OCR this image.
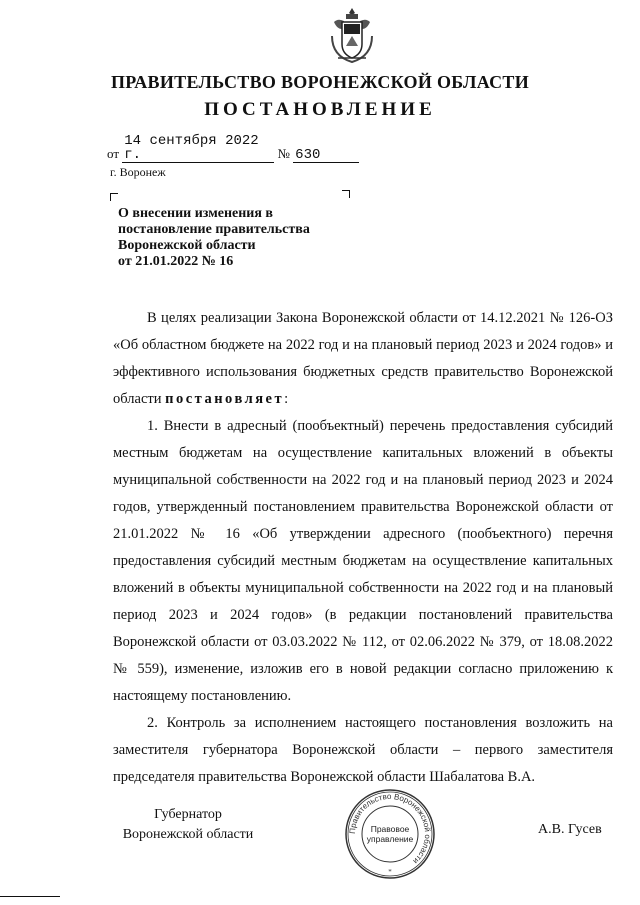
ПРАВИТЕЛЬСТВО ВОРОНЕЖСКОЙ ОБЛАСТИ
ПОСТАНОВЛЕНИЕ
от 14 сентября 2022 г.	№ 630
г. Воронеж
О внесении изменения в
постановление правительства
Воронежской области
от 21.01.2022 № 16

В целях реализации Закона Воронежской области от 14.12.2021 № 126-ОЗ «Об областном бюджете на 2022 год и на плановый период 2023 и 2024 годов» и эффективного использования бюджетных средств правительство Воронежской области постановляет:

1. Внести в адресный (пообъектный) перечень предоставления субсидий местным бюджетам на осуществление капитальных вложений в объекты муниципальной собственности на 2022 год и на плановый период 2023 и 2024 годов, утвержденный постановлением правительства Воронежской области от 21.01.2022 № 16 «Об утверждении адресного (пообъектного) перечня предоставления субсидий местным бюджетам на осуществление капитальных вложений в объекты муниципальной собственности на 2022 год и на плановый период 2023 и 2024 годов» (в редакции постановлений правительства Воронежской области от 03.03.2022 № 112, от 02.06.2022 № 379, от 18.08.2022 № 559), изменение, изложив его в новой редакции согласно приложению к настоящему постановлению.

2. Контроль за исполнением настоящего постановления возложить на заместителя губернатора Воронежской области – первого заместителя председателя правительства Воронежской области Шабалатова В.А.

Губернатор
Воронежской области	Правительство Воронежской области
*
Правовое
управление
А.В. Гусев
